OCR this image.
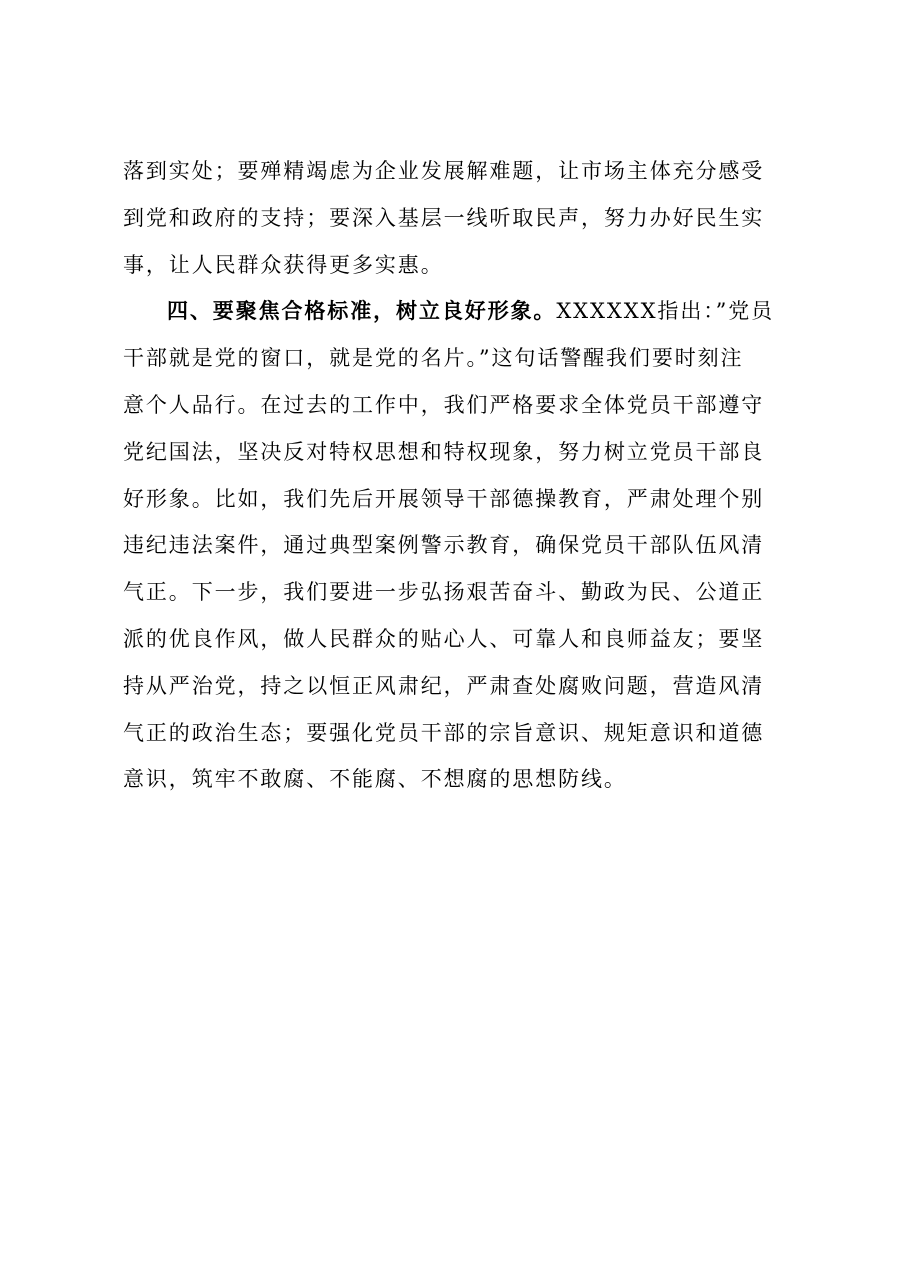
落到实处；要殚精竭虑为企业发展解难题，让市场主体充分感受
到党和政府的支持；要深入基层一线听取民声，努力办好民生实
事，让人民群众获得更多实惠。
四、要聚焦合格标准，树立良好形象。XXXXXX指出：”党员
干部就是党的窗口，就是党的名片。”这句话警醒我们要时刻注
意个人品行。在过去的工作中，我们严格要求全体党员干部遵守
党纪国法，坚决反对特权思想和特权现象，努力树立党员干部良
好形象。比如，我们先后开展领导干部德操教育，严肃处理个别
违纪违法案件，通过典型案例警示教育，确保党员干部队伍风清
气正。下一步，我们要进一步弘扬艰苦奋斗、勤政为民、公道正
派的优良作风，做人民群众的贴心人、可靠人和良师益友；要坚
持从严治党，持之以恒正风肃纪，严肃查处腐败问题，营造风清
气正的政治生态；要强化党员干部的宗旨意识、规矩意识和道德
意识，筑牢不敢腐、不能腐、不想腐的思想防线。
